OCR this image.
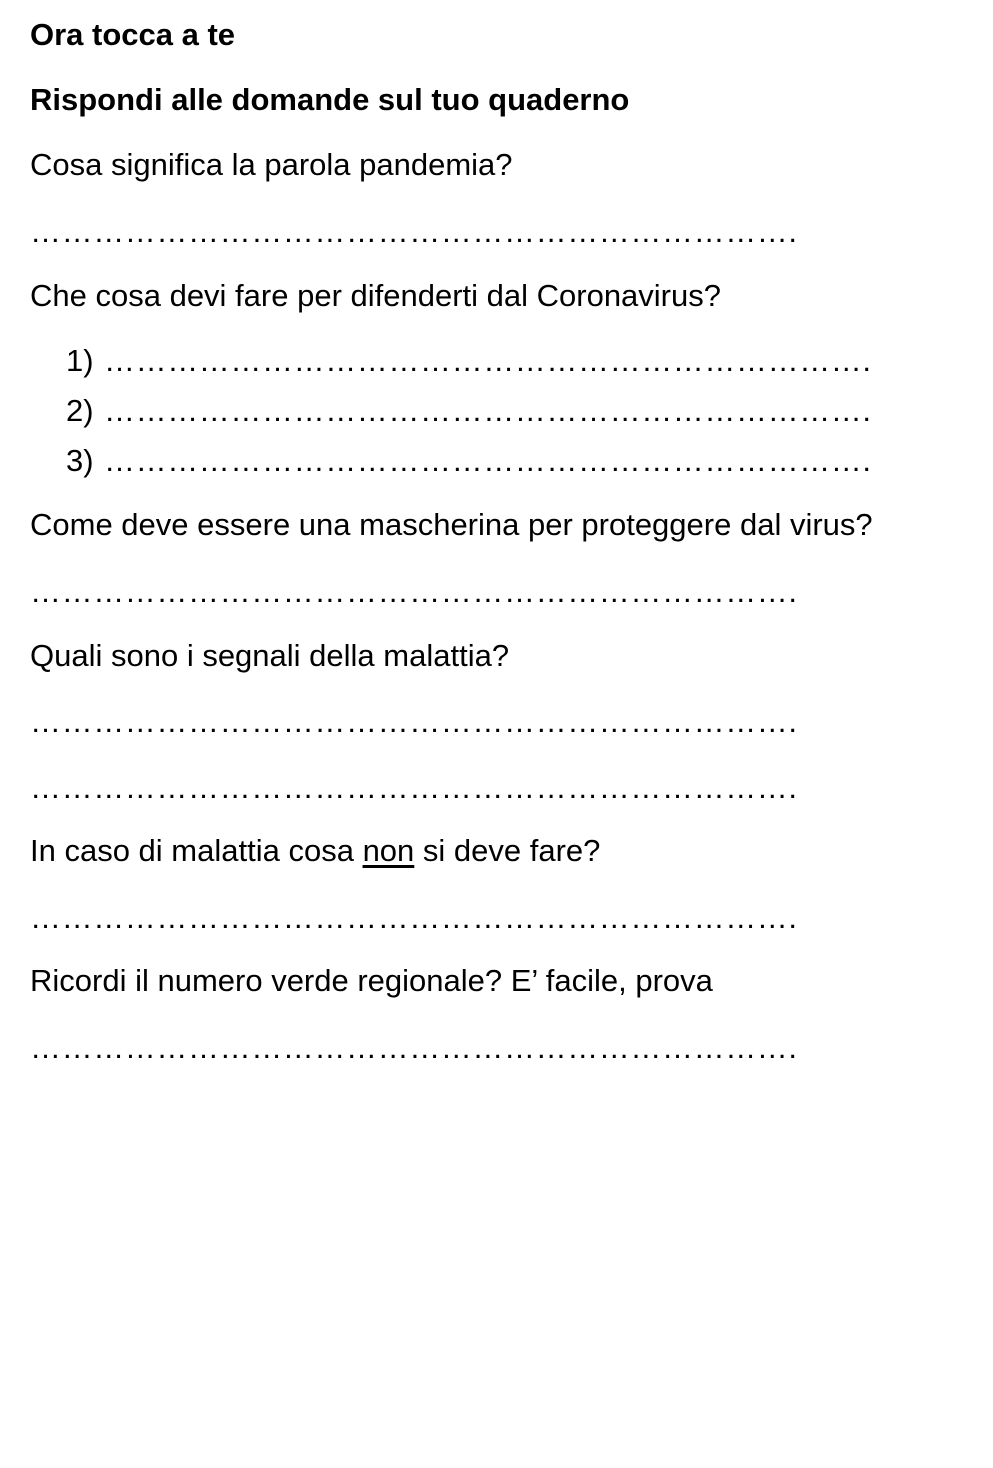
Ora tocca a te
Rispondi alle domande sul tuo quaderno
Cosa significa la parola pandemia?
……………………………………………………………….
Che cosa devi fare per difenderti dal Coronavirus?
1) ……………………………………………………………….
2) ……………………………………………………………….
3) ……………………………………………………………….
Come deve essere una mascherina per proteggere dal virus?
……………………………………………………………….
Quali sono i segnali della malattia?
……………………………………………………………….
……………………………………………………………….
In caso di malattia cosa non si deve fare?
……………………………………………………………….
Ricordi il numero verde regionale? E’ facile, prova
……………………………………………………………….
